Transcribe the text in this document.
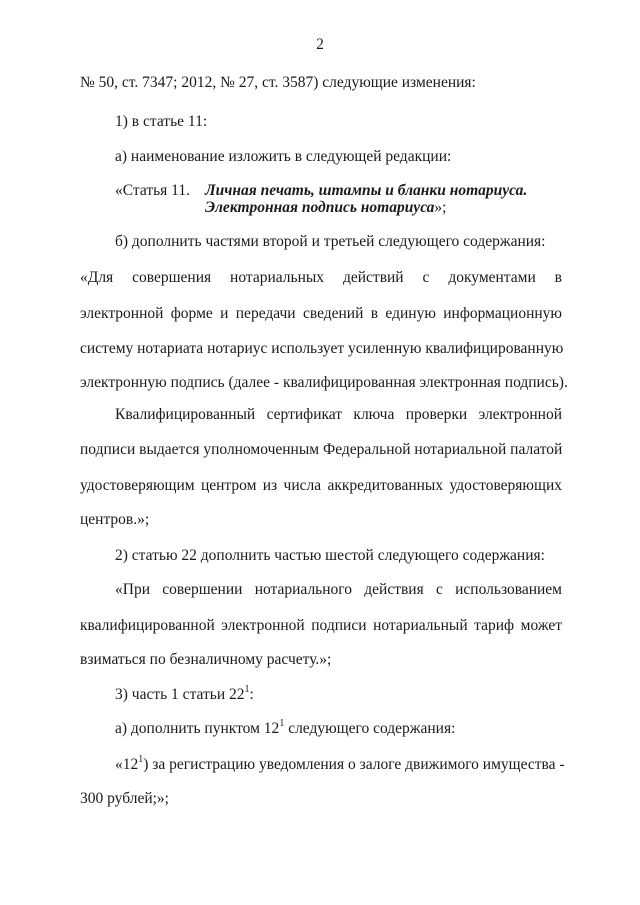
2
№ 50, ст. 7347; 2012, № 27, ст. 3587) следующие изменения:
1) в статье 11:
а) наименование изложить в следующей редакции:
«Статья 11. Личная печать, штампы и бланки нотариуса.
Электронная подпись нотариуса»;
б) дополнить частями второй и третьей следующего содержания:
«Для совершения нотариальных действий с документами в
электронной форме и передачи сведений в единую информационную
систему нотариата нотариус использует усиленную квалифицированную
электронную подпись (далее - квалифицированная электронная подпись).
Квалифицированный сертификат ключа проверки электронной
подписи выдается уполномоченным Федеральной нотариальной палатой
удостоверяющим центром из числа аккредитованных удостоверяющих
центров.»;
2) статью 22 дополнить частью шестой следующего содержания:
«При совершении нотариального действия с использованием
квалифицированной электронной подписи нотариальный тариф может
взиматься по безналичному расчету.»;
3) часть 1 статьи $22^1$:
а) дополнить пунктом $12^1$ следующего содержания:
«$12^1$) за регистрацию уведомления о залоге движимого имущества -
300 рублей;»;
